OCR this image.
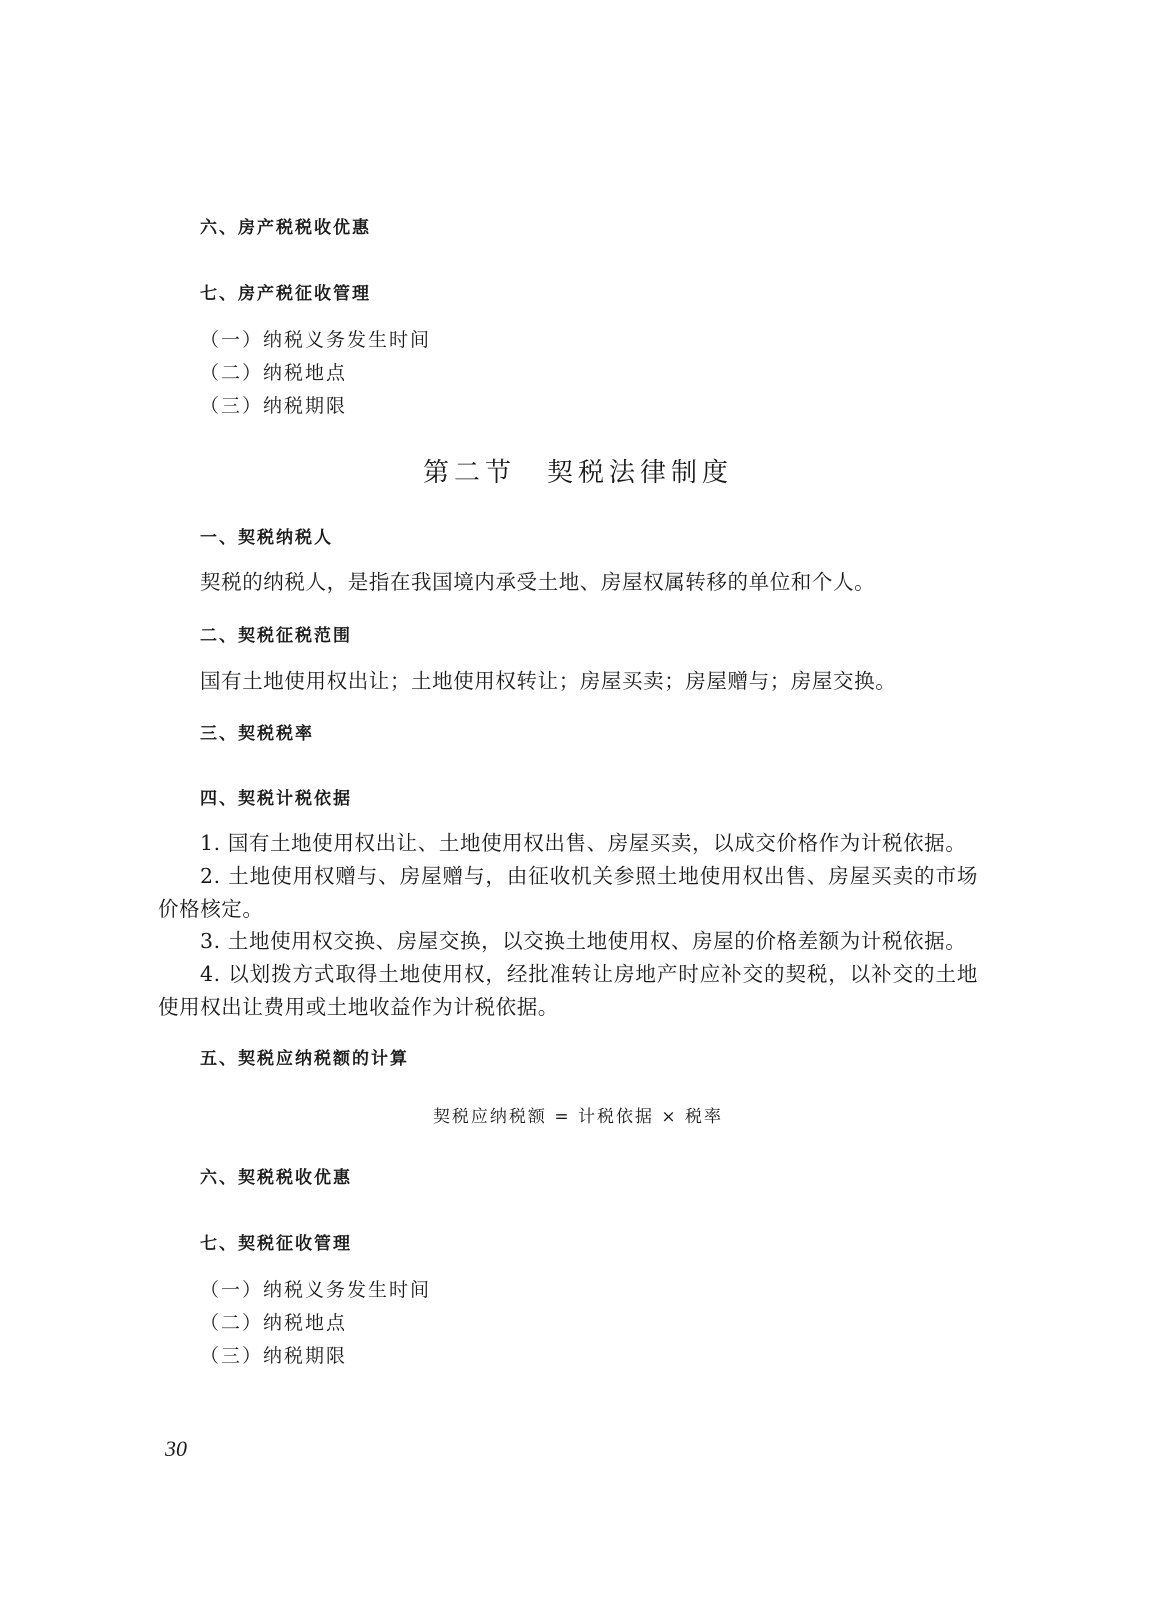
六、房产税税收优惠
七、房产税征收管理
（一）纳税义务发生时间
（二）纳税地点
（三）纳税期限
第二节　契税法律制度
一、契税纳税人
契税的纳税人，是指在我国境内承受土地、房屋权属转移的单位和个人。
二、契税征税范围
国有土地使用权出让；土地使用权转让；房屋买卖；房屋赠与；房屋交换。
三、契税税率
四、契税计税依据
1. 国有土地使用权出让、土地使用权出售、房屋买卖，以成交价格作为计税依据。
2. 土地使用权赠与、房屋赠与，由征收机关参照土地使用权出售、房屋买卖的市场价格核定。
3. 土地使用权交换、房屋交换，以交换土地使用权、房屋的价格差额为计税依据。
4. 以划拨方式取得土地使用权，经批准转让房地产时应补交的契税，以补交的土地使用权出让费用或土地收益作为计税依据。
五、契税应纳税额的计算
契税应纳税额 = 计税依据 × 税率
六、契税税收优惠
七、契税征收管理
（一）纳税义务发生时间
（二）纳税地点
（三）纳税期限
30
